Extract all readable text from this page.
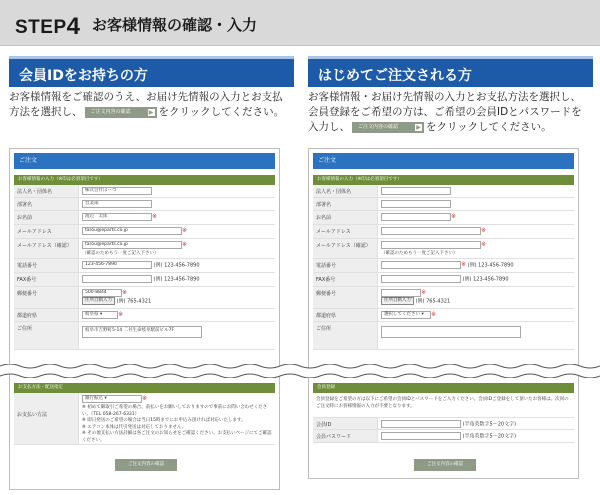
STEP4 お客様情報の確認・入力
会員IDをお持ちの方
お客様情報をご確認のうえ、お届け先情報の入力とお支払方法を選択し、 ご注文内容の確認	▶ をクリックしてください。
はじめてご注文される方
お客様情報・お届け先情報の入力とお支払方法を選択し、会員登録をご希望の方は、ご希望の会員IDとパスワードを入力し、 ご注文内容の確認	▶ をクリックしてください。
ご注文
お客様情報の入力（※印は必須項目です）
法人名・団体名	株式会社ぽーつ
部署名	営業部
お名前	渡辺　太郎	※
メールアドレス	tarou@eparts.co.jp	※
メールアドレス（確認）	tarou@eparts.co.jp	※
（確認のためもう一度ご記入下さい）
電話番号	123-456-7890	(例) 123-456-7890
FAX番号	(例) 123-456-7890
郵便番号	500-8844	※
住所自動入力 (例) 765-4321
都道府県	岐阜県 ▾	※
ご住所	岐阜市吉野町5-14 二井生命岐阜駅前ビル7F
お支払方法・配送指定
お支払い方法
銀行振込 ▾	※
※ 初めて御取引ご希望の場合、前払いをお願いしておりますので事前にお問い合わせください。（TEL 058-267-6331）
※ 即日発送のご希望の場合は当日15時までにお申込み頂ければ対応いたします。
※ エアコン本体は代引発送は対応しておりません。
※ その他支払い方法詳細は各ご注文のお知らせをご確認ください。お支払いページにてご確認ください。
ご注文内容の確認
ご注文
お客様情報の入力（※印は必須項目です）
法人名・団体名
部署名
お名前	※
メールアドレス	※
メールアドレス（確認）	※
（確認のためもう一度ご記入下さい）
電話番号	※ (例) 123-456-7890
FAX番号	(例) 123-456-7890
郵便番号	※
住所自動入力 (例) 765-4321
都道府県	選択してください ▾ ※
ご住所
会員登録
会員登録をご希望の方は以下にご希望の会員IDとパスワードをご入力ください。会員IDご登録をして頂いたお客様は、次回のご注文時にお客様情報の入力が不要となります。
会員ID	(半角英数字5～20文字)
会員パスワード	(半角英数字5～20文字)
ご注文内容の確認
